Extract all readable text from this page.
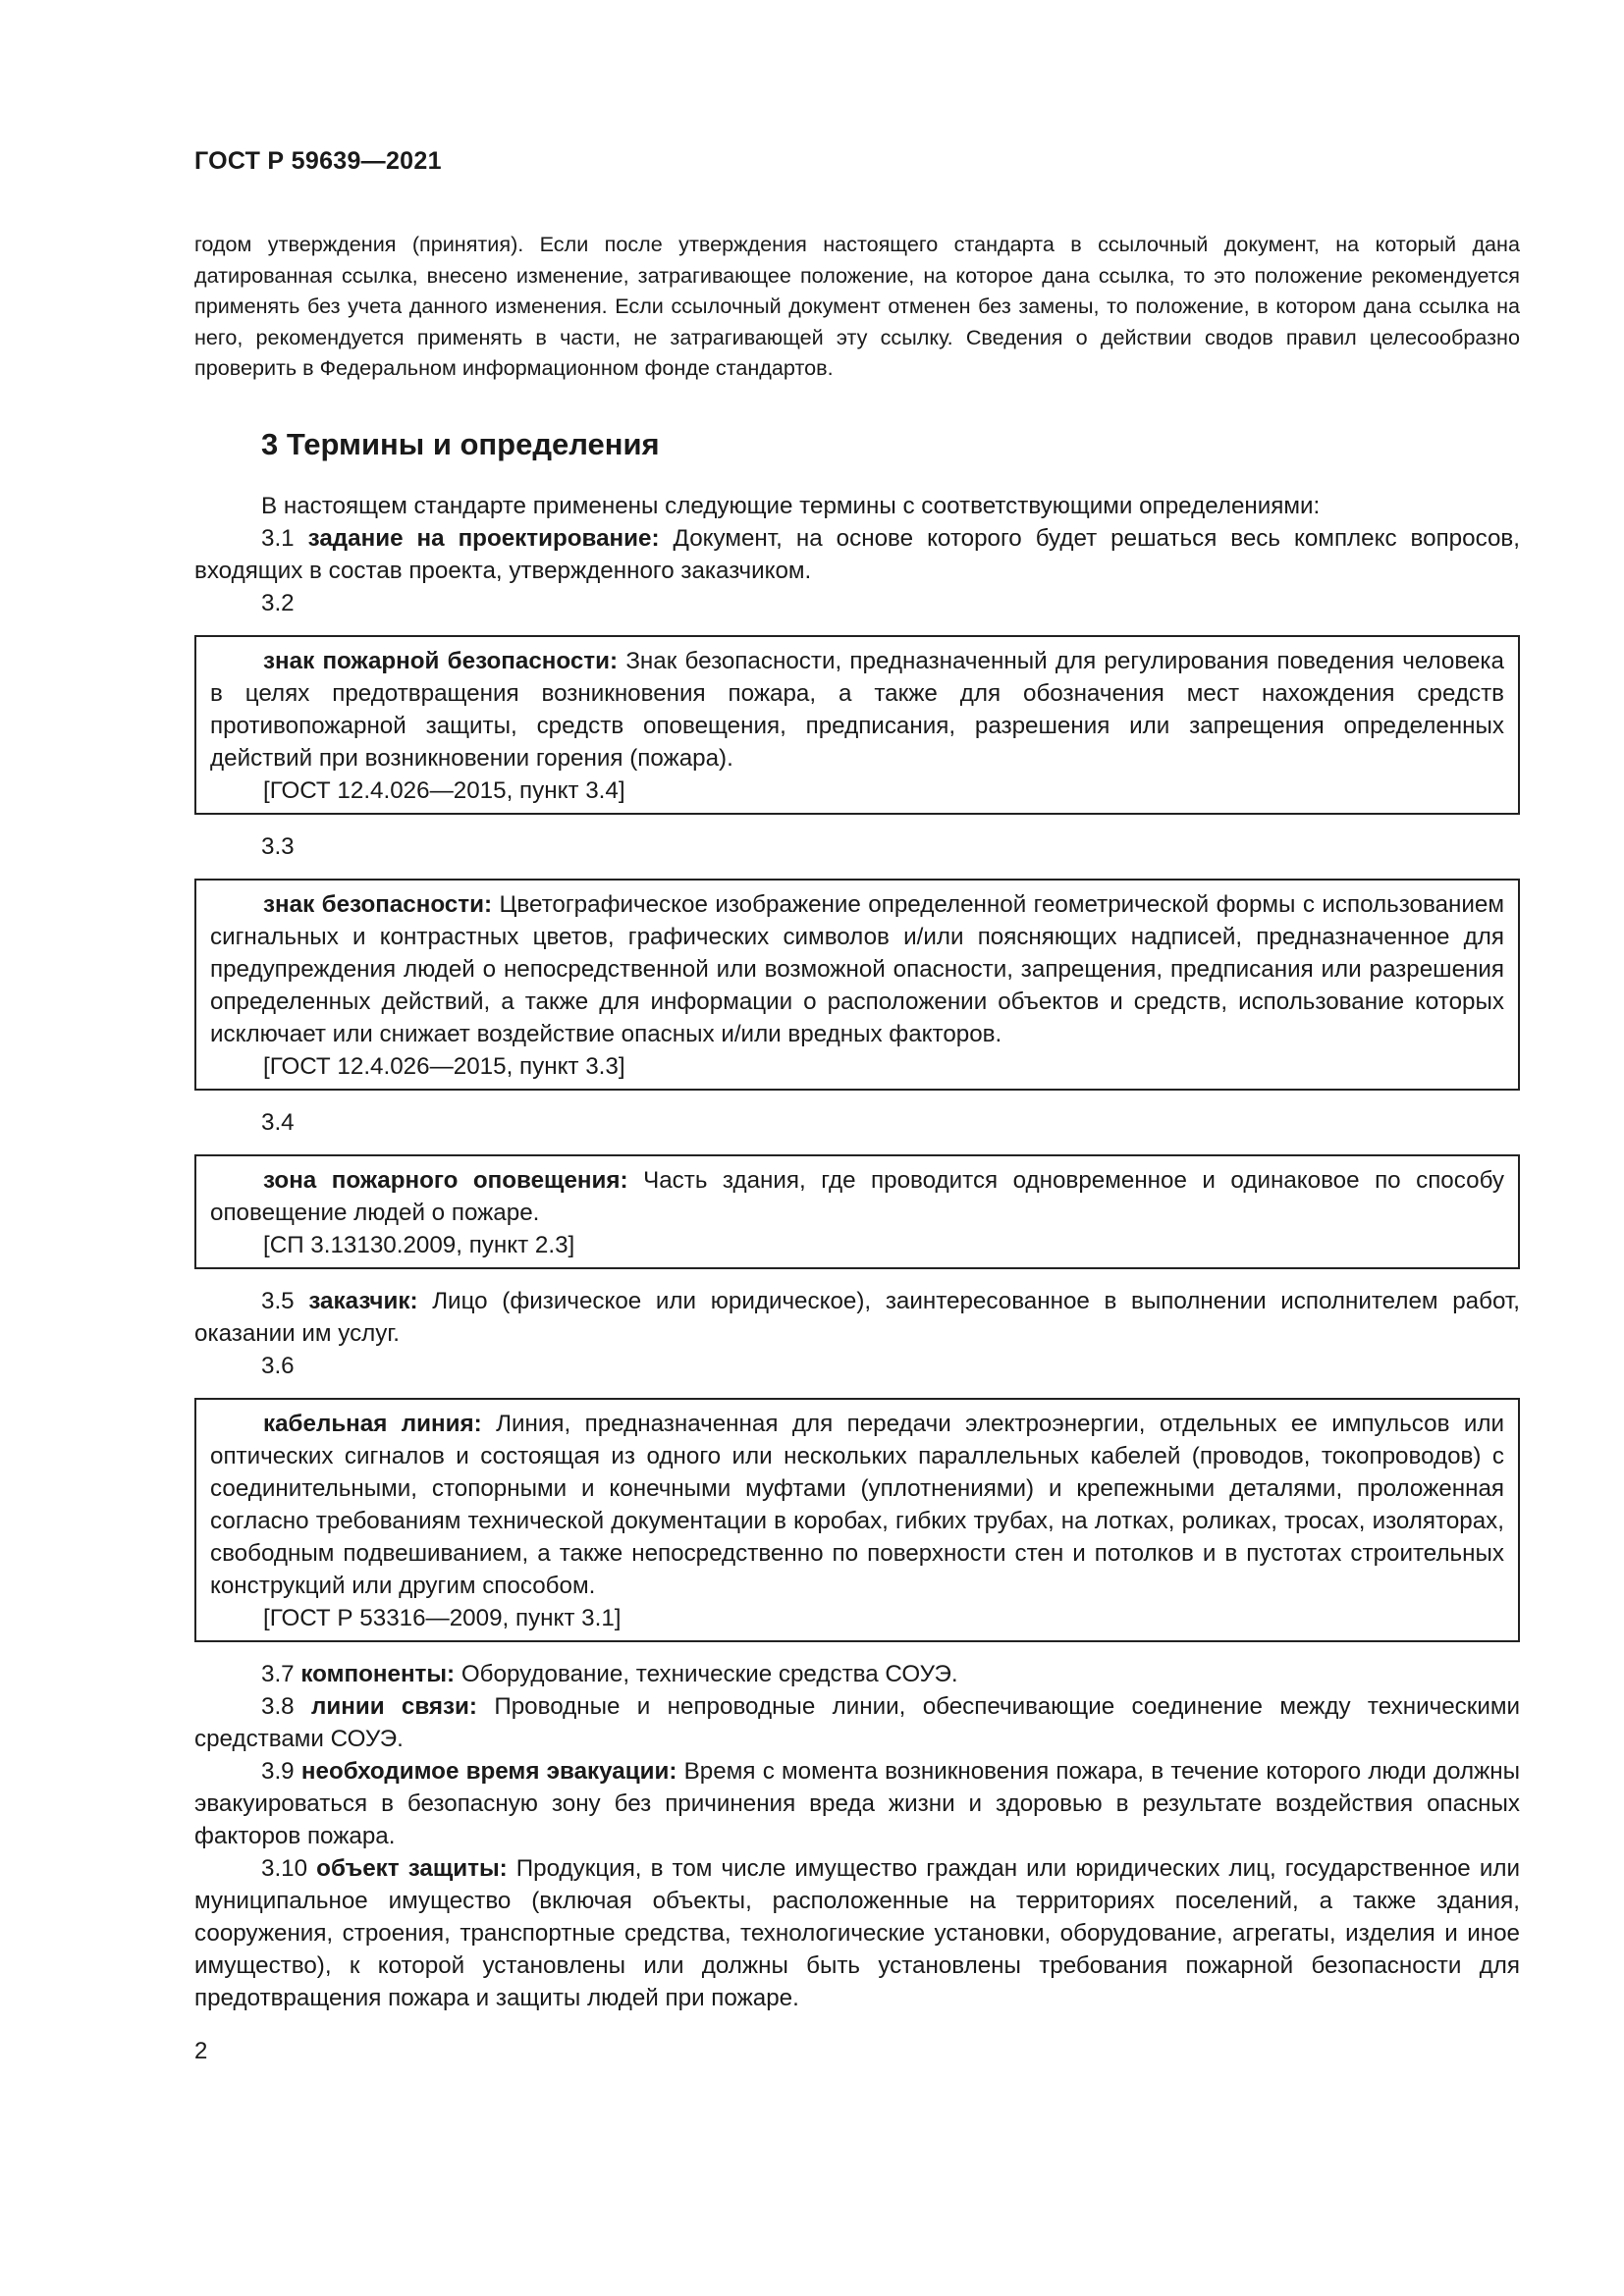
ГОСТ Р 59639—2021

годом утверждения (принятия). Если после утверждения настоящего стандарта в ссылочный документ, на который дана датированная ссылка, внесено изменение, затрагивающее положение, на которое дана ссылка, то это положение рекомендуется применять без учета данного изменения. Если ссылочный документ отменен без замены, то положение, в котором дана ссылка на него, рекомендуется применять в части, не затрагивающей эту ссылку. Сведения о действии сводов правил целесообразно проверить в Федеральном информационном фонде стандартов.

3 Термины и определения

В настоящем стандарте применены следующие термины с соответствующими определениями:

3.1 задание на проектирование: Документ, на основе которого будет решаться весь комплекс вопросов, входящих в состав проекта, утвержденного заказчиком.

3.2

знак пожарной безопасности: Знак безопасности, предназначенный для регулирования поведения человека в целях предотвращения возникновения пожара, а также для обозначения мест нахождения средств противопожарной защиты, средств оповещения, предписания, разрешения или запрещения определенных действий при возникновении горения (пожара).

[ГОСТ 12.4.026—2015, пункт 3.4]

3.3

знак безопасности: Цветографическое изображение определенной геометрической формы с использованием сигнальных и контрастных цветов, графических символов и/или поясняющих надписей, предназначенное для предупреждения людей о непосредственной или возможной опасности, запрещения, предписания или разрешения определенных действий, а также для информации о расположении объектов и средств, использование которых исключает или снижает воздействие опасных и/или вредных факторов.

[ГОСТ 12.4.026—2015, пункт 3.3]

3.4

зона пожарного оповещения: Часть здания, где проводится одновременное и одинаковое по способу оповещение людей о пожаре.

[СП 3.13130.2009, пункт 2.3]

3.5 заказчик: Лицо (физическое или юридическое), заинтересованное в выполнении исполнителем работ, оказании им услуг.

3.6

кабельная линия: Линия, предназначенная для передачи электроэнергии, отдельных ее импульсов или оптических сигналов и состоящая из одного или нескольких параллельных кабелей (проводов, токопроводов) с соединительными, стопорными и конечными муфтами (уплотнениями) и крепежными деталями, проложенная согласно требованиям технической документации в коробах, гибких трубах, на лотках, роликах, тросах, изоляторах, свободным подвешиванием, а также непосредственно по поверхности стен и потолков и в пустотах строительных конструкций или другим способом.

[ГОСТ Р 53316—2009, пункт 3.1]

3.7 компоненты: Оборудование, технические средства СОУЭ.

3.8 линии связи: Проводные и непроводные линии, обеспечивающие соединение между техническими средствами СОУЭ.

3.9 необходимое время эвакуации: Время с момента возникновения пожара, в течение которого люди должны эвакуироваться в безопасную зону без причинения вреда жизни и здоровью в результате воздействия опасных факторов пожара.

3.10 объект защиты: Продукция, в том числе имущество граждан или юридических лиц, государственное или муниципальное имущество (включая объекты, расположенные на территориях поселений, а также здания, сооружения, строения, транспортные средства, технологические установки, оборудование, агрегаты, изделия и иное имущество), к которой установлены или должны быть установлены требования пожарной безопасности для предотвращения пожара и защиты людей при пожаре.

2
